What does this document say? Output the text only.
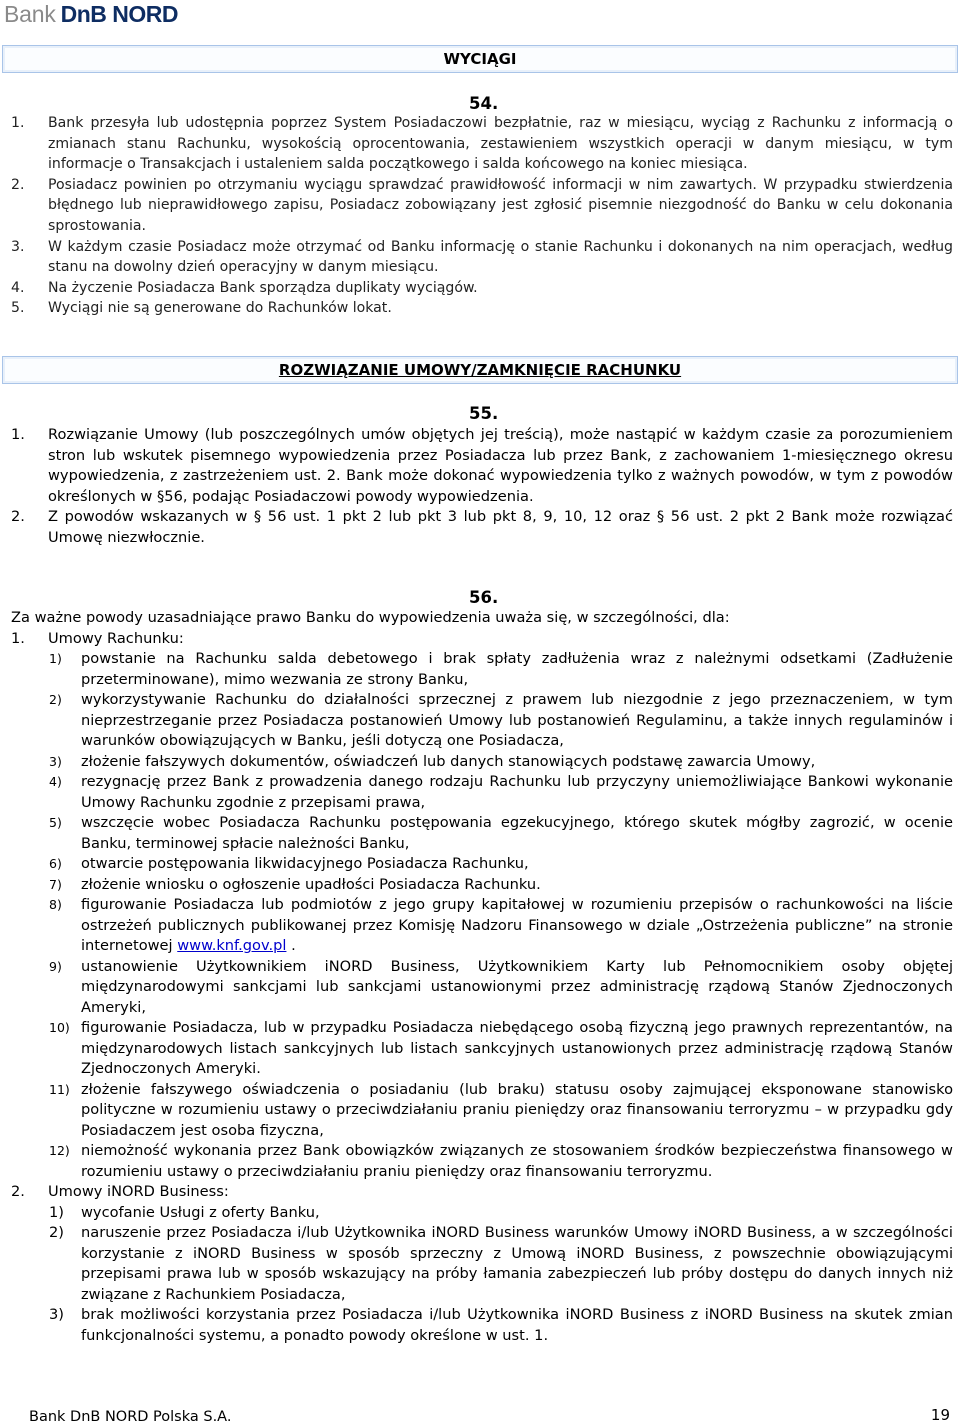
Bank DnB NORD
WYCIĄGI
54.
1.	Bank przesyła lub udostępnia poprzez System Posiadaczowi bezpłatnie, raz w miesiącu, wyciąg z Rachunku z informacją o zmianach stanu Rachunku, wysokością oprocentowania, zestawieniem wszystkich operacji w danym miesiącu, w tym informacje o Transakcjach i ustaleniem salda początkowego i salda końcowego na koniec miesiąca.
2.	Posiadacz powinien po otrzymaniu wyciągu sprawdzać prawidłowość informacji w nim zawartych. W przypadku stwierdzenia błędnego lub nieprawidłowego zapisu, Posiadacz zobowiązany jest zgłosić pisemnie niezgodność do Banku w celu dokonania sprostowania.
3.	W każdym czasie Posiadacz może otrzymać od Banku informację o stanie Rachunku i dokonanych na nim operacjach, według stanu na dowolny dzień operacyjny w danym miesiącu.
4.	Na życzenie Posiadacza Bank sporządza duplikaty wyciągów.
5.	Wyciągi nie są generowane do Rachunków lokat.
ROZWIĄZANIE UMOWY/ZAMKNIĘCIE RACHUNKU
55.
1.	Rozwiązanie Umowy (lub poszczególnych umów objętych jej treścią), może nastąpić w każdym czasie za porozumieniem stron lub wskutek pisemnego wypowiedzenia przez Posiadacza lub przez Bank, z zachowaniem 1-miesięcznego okresu wypowiedzenia, z zastrzeżeniem ust. 2. Bank może dokonać wypowiedzenia tylko z ważnych powodów, w tym z powodów określonych w §56, podając Posiadaczowi powody wypowiedzenia.
2.	Z powodów wskazanych w § 56 ust. 1 pkt 2 lub pkt 3 lub pkt 8, 9, 10, 12 oraz § 56 ust. 2 pkt 2 Bank może rozwiązać Umowę niezwłocznie.
56.
Za ważne powody uzasadniające prawo Banku do wypowiedzenia uważa się, w szczególności, dla:
1.	Umowy Rachunku:
1)	powstanie na Rachunku salda debetowego i brak spłaty zadłużenia wraz z należnymi odsetkami (Zadłużenie przeterminowane), mimo wezwania ze strony Banku,
2)	wykorzystywanie Rachunku do działalności sprzecznej z prawem lub niezgodnie z jego przeznaczeniem, w tym nieprzestrzeganie przez Posiadacza postanowień Umowy lub postanowień Regulaminu, a także innych regulaminów i warunków obowiązujących w Banku, jeśli dotyczą one Posiadacza,
3)	złożenie fałszywych dokumentów, oświadczeń lub danych stanowiących podstawę zawarcia Umowy,
4)	rezygnację przez Bank z prowadzenia danego rodzaju Rachunku lub przyczyny uniemożliwiające Bankowi wykonanie Umowy Rachunku zgodnie z przepisami prawa,
5)	wszczęcie wobec Posiadacza Rachunku postępowania egzekucyjnego, którego skutek mógłby zagrozić, w ocenie Banku, terminowej spłacie należności Banku,
6)	otwarcie postępowania likwidacyjnego Posiadacza Rachunku,
7)	złożenie wniosku o ogłoszenie upadłości Posiadacza Rachunku.
8)	figurowanie Posiadacza lub podmiotów z jego grupy kapitałowej w rozumieniu przepisów o rachunkowości na liście ostrzeżeń publicznych publikowanej przez Komisję Nadzoru Finansowego w dziale „Ostrzeżenia publiczne” na stronie internetowej www.knf.gov.pl .
9)	ustanowienie Użytkownikiem iNORD Business, Użytkownikiem Karty lub Pełnomocnikiem osoby objętej międzynarodowymi sankcjami lub sankcjami ustanowionymi przez administrację rządową Stanów Zjednoczonych Ameryki,
10) figurowanie Posiadacza, lub w przypadku Posiadacza niebędącego osobą fizyczną jego prawnych reprezentantów, na międzynarodowych listach sankcyjnych lub listach sankcyjnych ustanowionych przez administrację rządową Stanów Zjednoczonych Ameryki.
11) złożenie fałszywego oświadczenia o posiadaniu (lub braku) statusu osoby zajmującej eksponowane stanowisko polityczne w rozumieniu ustawy o przeciwdziałaniu praniu pieniędzy oraz finansowaniu terroryzmu – w przypadku gdy Posiadaczem jest osoba fizyczna,
12) niemożność wykonania przez Bank obowiązków związanych ze stosowaniem środków bezpieczeństwa finansowego w rozumieniu ustawy o przeciwdziałaniu praniu pieniędzy oraz finansowaniu terroryzmu.
2.	Umowy iNORD Business:
1)	wycofanie Usługi z oferty Banku,
2)	naruszenie przez Posiadacza i/lub Użytkownika iNORD Business warunków Umowy iNORD Business, a w szczególności korzystanie z iNORD Business w sposób sprzeczny z Umową iNORD Business, z powszechnie obowiązującymi przepisami prawa lub w sposób wskazujący na próby łamania zabezpieczeń lub próby dostępu do danych innych niż związane z Rachunkiem Posiadacza,
3)	brak możliwości korzystania przez Posiadacza i/lub Użytkownika iNORD Business z iNORD Business na skutek zmian funkcjonalności systemu, a ponadto powody określone w ust. 1.
Bank DnB NORD Polska S.A.	19
